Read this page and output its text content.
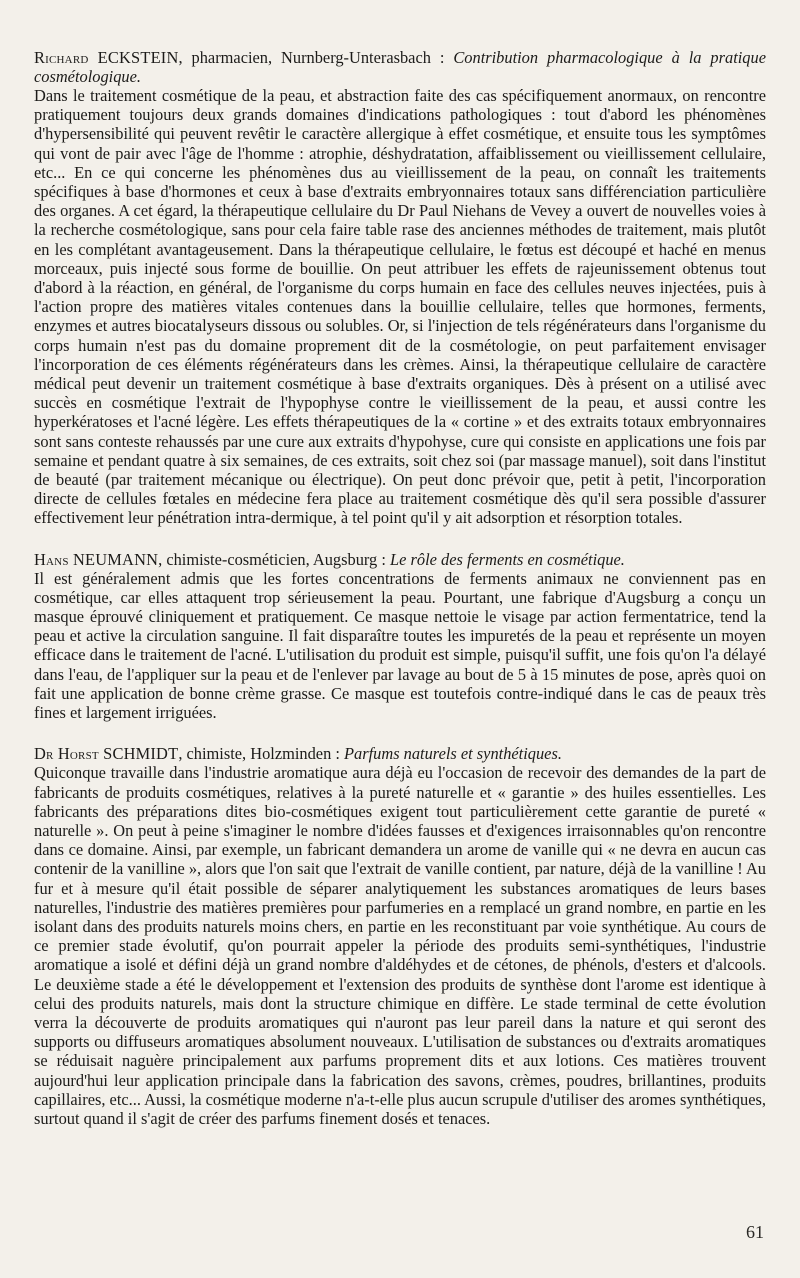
Richard ECKSTEIN, pharmacien, Nurnberg-Unterasbach : Contribution pharmacologique à la pratique cosmétologique.

Dans le traitement cosmétique de la peau, et abstraction faite des cas spécifiquement anormaux, on rencontre pratiquement toujours deux grands domaines d'indications pathologiques : tout d'abord les phénomènes d'hypersensibilité qui peuvent revêtir le caractère allergique à effet cosmétique, et ensuite tous les symptômes qui vont de pair avec l'âge de l'homme : atrophie, déshydratation, affaiblissement ou vieillissement cellulaire, etc... En ce qui concerne les phénomènes dus au vieillissement de la peau, on connaît les traitements spécifiques à base d'hormones et ceux à base d'extraits embryonnaires totaux sans différenciation particulière des organes. A cet égard, la thérapeutique cellulaire du Dr Paul Niehans de Vevey a ouvert de nouvelles voies à la recherche cosmétologique, sans pour cela faire table rase des anciennes méthodes de traitement, mais plutôt en les complétant avantageusement. Dans la thérapeutique cellulaire, le fœtus est découpé et haché en menus morceaux, puis injecté sous forme de bouillie. On peut attribuer les effets de rajeunissement obtenus tout d'abord à la réaction, en général, de l'organisme du corps humain en face des cellules neuves injectées, puis à l'action propre des matières vitales contenues dans la bouillie cellulaire, telles que hormones, ferments, enzymes et autres biocatalyseurs dissous ou solubles. Or, si l'injection de tels régénérateurs dans l'organisme du corps humain n'est pas du domaine proprement dit de la cosmétologie, on peut parfaitement envisager l'incorporation de ces éléments régénérateurs dans les crèmes. Ainsi, la thérapeutique cellulaire de caractère médical peut devenir un traitement cosmétique à base d'extraits organiques. Dès à présent on a utilisé avec succès en cosmétique l'extrait de l'hypophyse contre le vieillissement de la peau, et aussi contre les hyperkératoses et l'acné légère. Les effets thérapeutiques de la « cortine » et des extraits totaux embryonnaires sont sans conteste rehaussés par une cure aux extraits d'hypohyse, cure qui consiste en applications une fois par semaine et pendant quatre à six semaines, de ces extraits, soit chez soi (par massage manuel), soit dans l'institut de beauté (par traitement mécanique ou électrique). On peut donc prévoir que, petit à petit, l'incorporation directe de cellules fœtales en médecine fera place au traitement cosmétique dès qu'il sera possible d'assurer effectivement leur pénétration intra-dermique, à tel point qu'il y ait adsorption et résorption totales.

Hans NEUMANN, chimiste-cosméticien, Augsburg : Le rôle des ferments en cosmétique.

Il est généralement admis que les fortes concentrations de ferments animaux ne conviennent pas en cosmétique, car elles attaquent trop sérieusement la peau. Pourtant, une fabrique d'Augsburg a conçu un masque éprouvé cliniquement et pratiquement. Ce masque nettoie le visage par action fermentatrice, tend la peau et active la circulation sanguine. Il fait disparaître toutes les impuretés de la peau et représente un moyen efficace dans le traitement de l'acné. L'utilisation du produit est simple, puisqu'il suffit, une fois qu'on l'a délayé dans l'eau, de l'appliquer sur la peau et de l'enlever par lavage au bout de 5 à 15 minutes de pose, après quoi on fait une application de bonne crème grasse. Ce masque est toutefois contre-indiqué dans le cas de peaux très fines et largement irriguées.

Dr Horst SCHMIDT, chimiste, Holzminden : Parfums naturels et synthétiques.

Quiconque travaille dans l'industrie aromatique aura déjà eu l'occasion de recevoir des demandes de la part de fabricants de produits cosmétiques, relatives à la pureté naturelle et « garantie » des huiles essentielles. Les fabricants des préparations dites bio-cosmétiques exigent tout particulièrement cette garantie de pureté « naturelle ». On peut à peine s'imaginer le nombre d'idées fausses et d'exigences irraisonnables qu'on rencontre dans ce domaine. Ainsi, par exemple, un fabricant demandera un arome de vanille qui « ne devra en aucun cas contenir de la vanilline », alors que l'on sait que l'extrait de vanille contient, par nature, déjà de la vanilline ! Au fur et à mesure qu'il était possible de séparer analytiquement les substances aromatiques de leurs bases naturelles, l'industrie des matières premières pour parfumeries en a remplacé un grand nombre, en partie en les isolant dans des produits naturels moins chers, en partie en les reconstituant par voie synthétique. Au cours de ce premier stade évolutif, qu'on pourrait appeler la période des produits semi-synthétiques, l'industrie aromatique a isolé et défini déjà un grand nombre d'aldéhydes et de cétones, de phénols, d'esters et d'alcools. Le deuxième stade a été le développement et l'extension des produits de synthèse dont l'arome est identique à celui des produits naturels, mais dont la structure chimique en diffère. Le stade terminal de cette évolution verra la découverte de produits aromatiques qui n'auront pas leur pareil dans la nature et qui seront des supports ou diffuseurs aromatiques absolument nouveaux. L'utilisation de substances ou d'extraits aromatiques se réduisait naguère principalement aux parfums proprement dits et aux lotions. Ces matières trouvent aujourd'hui leur application principale dans la fabrication des savons, crèmes, poudres, brillantines, produits capillaires, etc... Aussi, la cosmétique moderne n'a-t-elle plus aucun scrupule d'utiliser des aromes synthétiques, surtout quand il s'agit de créer des parfums finement dosés et tenaces.

61
